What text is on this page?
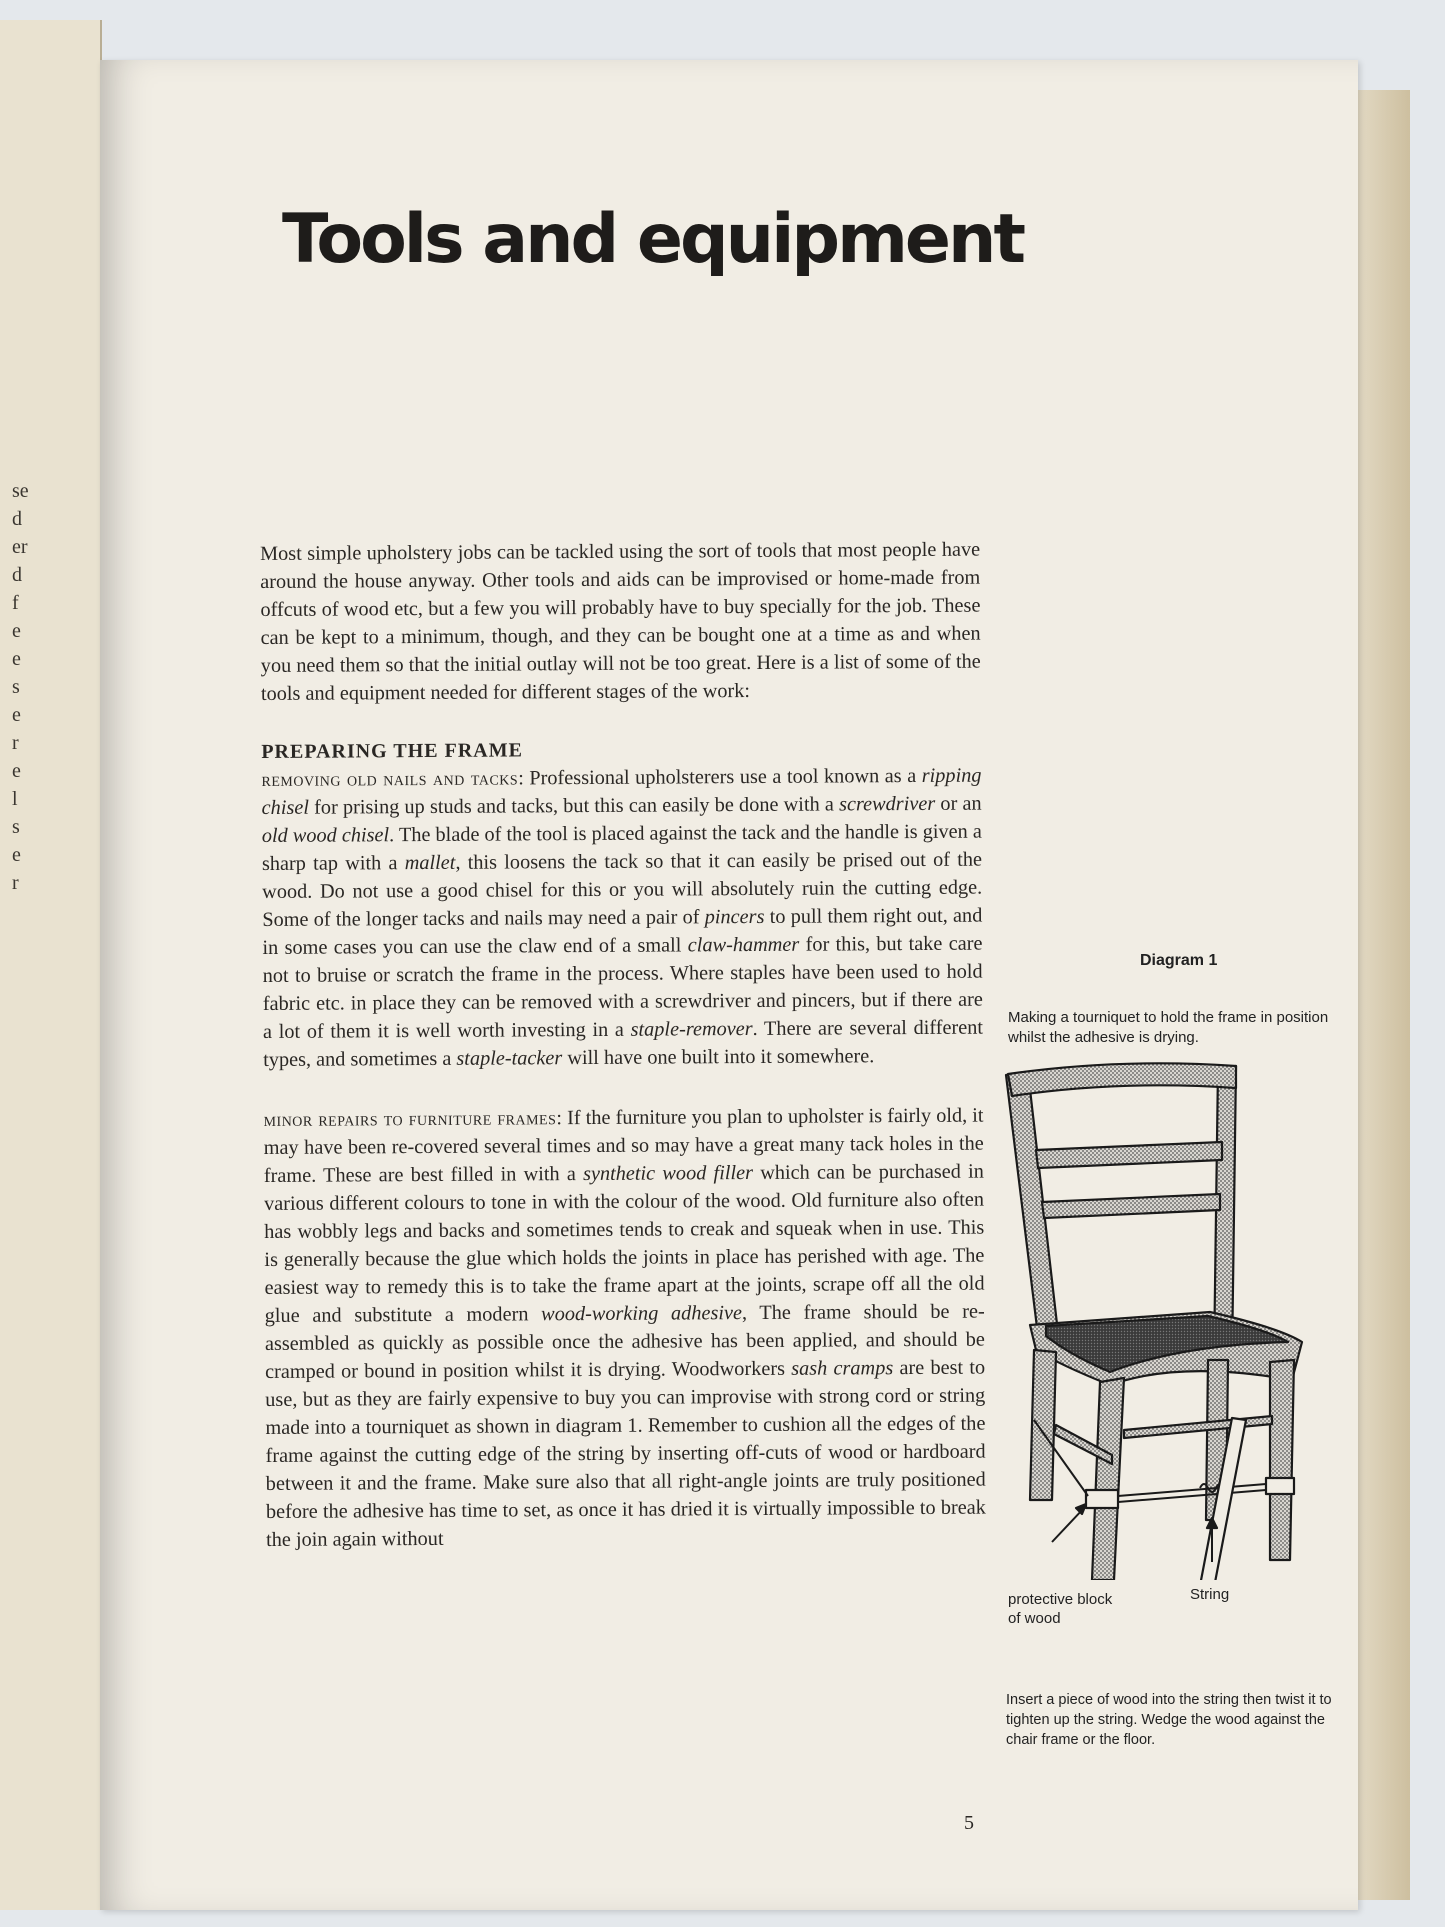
se
d
er
d
f
e
e
s
e
r
e
l
s
e
r
Tools and equipment

Most simple upholstery jobs can be tackled using the sort of tools that most people have around the house anyway. Other tools and aids can be improvised or home-made from offcuts of wood etc, but a few you will probably have to buy specially for the job. These can be kept to a minimum, though, and they can be bought one at a time as and when you need them so that the initial outlay will not be too great. Here is a list of some of the tools and equipment needed for different stages of the work:

PREPARING THE FRAME

removing old nails and tacks: Professional upholsterers use a tool known as a ripping chisel for prising up studs and tacks, but this can easily be done with a screwdriver or an old wood chisel. The blade of the tool is placed against the tack and the handle is given a sharp tap with a mallet, this loosens the tack so that it can easily be prised out of the wood. Do not use a good chisel for this or you will absolutely ruin the cutting edge. Some of the longer tacks and nails may need a pair of pincers to pull them right out, and in some cases you can use the claw end of a small claw-hammer for this, but take care not to bruise or scratch the frame in the process. Where staples have been used to hold fabric etc. in place they can be removed with a screwdriver and pincers, but if there are a lot of them it is well worth investing in a staple-remover. There are several different types, and sometimes a staple-tacker will have one built into it somewhere.

minor repairs to furniture frames: If the furniture you plan to upholster is fairly old, it may have been re-covered several times and so may have a great many tack holes in the frame. These are best filled in with a synthetic wood filler which can be purchased in various different colours to tone in with the colour of the wood. Old furniture also often has wobbly legs and backs and sometimes tends to creak and squeak when in use. This is generally because the glue which holds the joints in place has perished with age. The easiest way to remedy this is to take the frame apart at the joints, scrape off all the old glue and substitute a modern wood-working adhesive, The frame should be re-assembled as quickly as possible once the adhesive has been applied, and should be cramped or bound in position whilst it is drying. Woodworkers sash cramps are best to use, but as they are fairly expensive to buy you can improvise with strong cord or string made into a tourniquet as shown in diagram 1. Remember to cushion all the edges of the frame against the cutting edge of the string by inserting off-cuts of wood or hardboard between it and the frame. Make sure also that all right-angle joints are truly positioned before the adhesive has time to set, as once it has dried it is virtually impossible to break the join again without

Diagram 1
Making a tourniquet to hold the frame in position whilst the adhesive is drying.
protective block of wood
String
Insert a piece of wood into the string then twist it to tighten up the string. Wedge the wood against the chair frame or the floor.
5
